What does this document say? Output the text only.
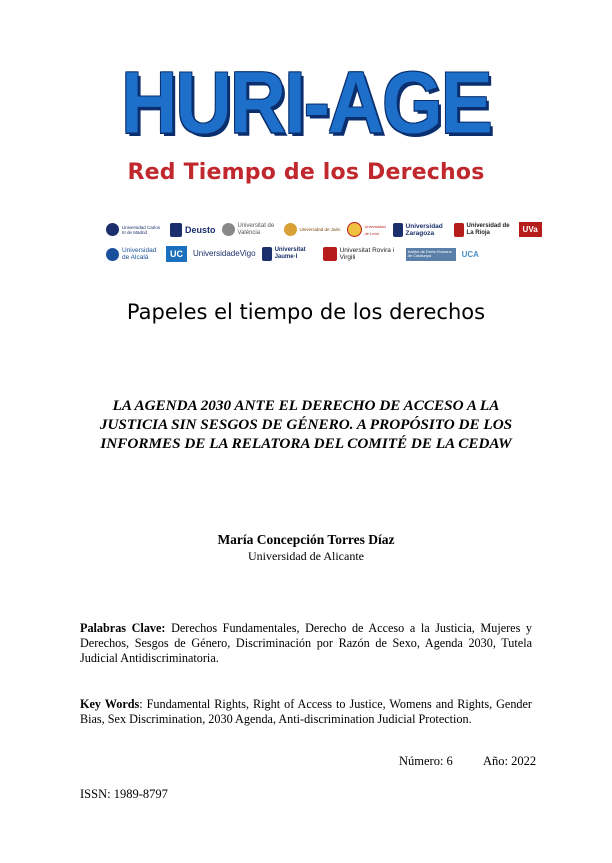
HURI-AGE
Red Tiempo de los Derechos
Universidad Carlos III de Madrid	Deusto	Universitat de València	Universidad de Jaén
Universidad de León
Universidad Zaragoza
Universidad de La Rioja	UVa
Universidad de Alcalá	UC	UniversidadeVigo	Universitat Jaume·I
Universitat Rovira i Virgili
Institut de Drets Humans de Catalunya	UCA
Papeles el tiempo de los derechos
LA AGENDA 2030 ANTE EL DERECHO DE ACCESO A LA JUSTICIA SIN SESGOS DE GÉNERO. A PROPÓSITO DE LOS INFORMES DE LA RELATORA DEL COMITÉ DE LA CEDAW
María Concepción Torres Díaz
Universidad de Alicante
Palabras Clave: Derechos Fundamentales, Derecho de Acceso a la Justicia, Mujeres y Derechos, Sesgos de Género, Discriminación por Razón de Sexo, Agenda 2030, Tutela Judicial Antidiscriminatoria.
Key Words: Fundamental Rights, Right of Access to Justice, Womens and Rights, Gender Bias, Sex Discrimination, 2030 Agenda, Anti-discrimination Judicial Protection.
Número: 6 Año: 2022
ISSN: 1989-8797
